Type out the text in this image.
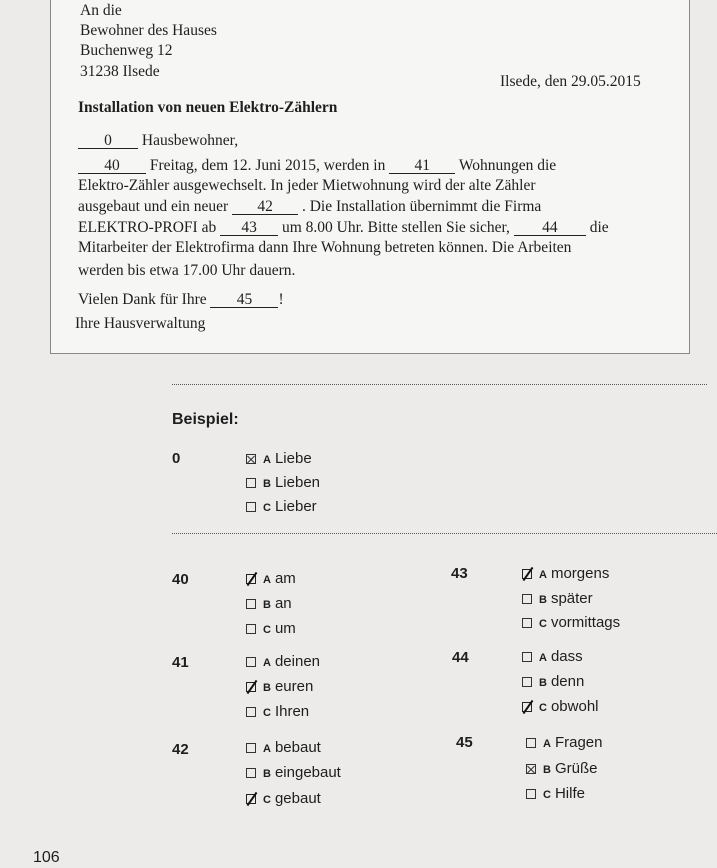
An die
Bewohner des Hauses
Buchenweg 12
31238 Ilsede
Ilsede, den 29.05.2015
Installation von neuen Elektro-Zählern
0 Hausbewohner,
40 Freitag, dem 12. Juni 2015, werden in 41 Wohnungen die
Elektro-Zähler ausgewechselt. In jeder Mietwohnung wird der alte Zähler
ausgebaut und ein neuer 42 . Die Installation übernimmt die Firma
ELEKTRO-PROFI ab 43 um 8.00 Uhr. Bitte stellen Sie sicher, 44 die
Mitarbeiter der Elektrofirma dann Ihre Wohnung betreten können. Die Arbeiten
werden bis etwa 17.00 Uhr dauern.
Vielen Dank für Ihre 45 !
Ihre Hausverwaltung
Beispiel:
0	A Liebe
B Lieben
C Lieber
40	A am
B an
C um
41	A deinen
B euren
C Ihren
42	A bebaut
B eingebaut
C gebaut
43	A morgens
B später
C vormittags
44	A dass
B denn
C obwohl
45	A Fragen
B Grüße
C Hilfe
106
